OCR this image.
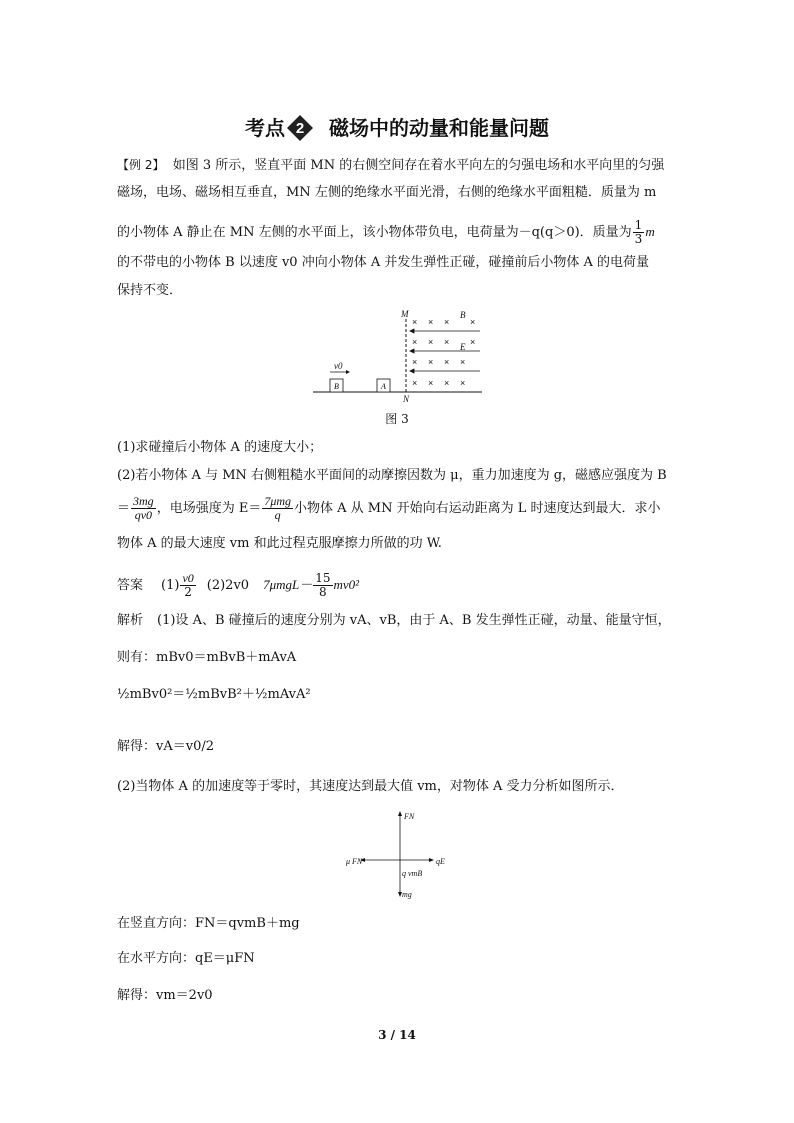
考点 2 磁场中的动量和能量问题
【例 2】 如图 3 所示，竖直平面 MN 的右侧空间存在着水平向左的匀强电场和水平向里的匀强
磁场，电场、磁场相互垂直，MN 左侧的绝缘水平面光滑，右侧的绝缘水平面粗糙．质量为 m
的小物体 A 静止在 MN 左侧的水平面上，该小物体带负电，电荷量为－q(q＞0)．质量为 $\frac{1}{3}$ m
的不带电的小物体 B 以速度 v0 冲向小物体 A 并发生弹性正碰，碰撞前后小物体 A 的电荷量
保持不变．
× × × ×
× × × ×
× × × ×
× × × ×
M
N
B
E
v0
B	A
图 3
(1)求碰撞后小物体 A 的速度大小；
(2)若小物体 A 与 MN 右侧粗糙水平面间的动摩擦因数为 μ，重力加速度为 g，磁感应强度为 B
＝ $\frac{3mg}{qv0}$ ，电场强度为 $E= \frac{\text{7μmg}}{q}$ 小物体 A 从 MN 开始向右运动距离为 L 时速度达到最大．求小
物体 A 的最大速度 vm 和此过程克服摩擦力所做的功 W.
答案 $(1) \frac{v0}{2} (2)2v0$ $7\mu mgL- \frac{15}{8} mv0^2$
解析 (1)设 A、B 碰撞后的速度分别为 vA、vB，由于 A、B 发生弹性正碰，动量、能量守恒，
则有：mBv0＝mBvB＋mAvA
½mBv0²＝½mBvB²＋½mAvA²
解得：vA＝v0/2
(2)当物体 A 的加速度等于零时，其速度达到最大值 vm，对物体 A 受力分析如图所示．
FN
μ FN	qE
q vmB
mg
在竖直方向：FN＝qvmB＋mg
在水平方向：qE＝μFN
解得：vm＝2v0
3 / 14
